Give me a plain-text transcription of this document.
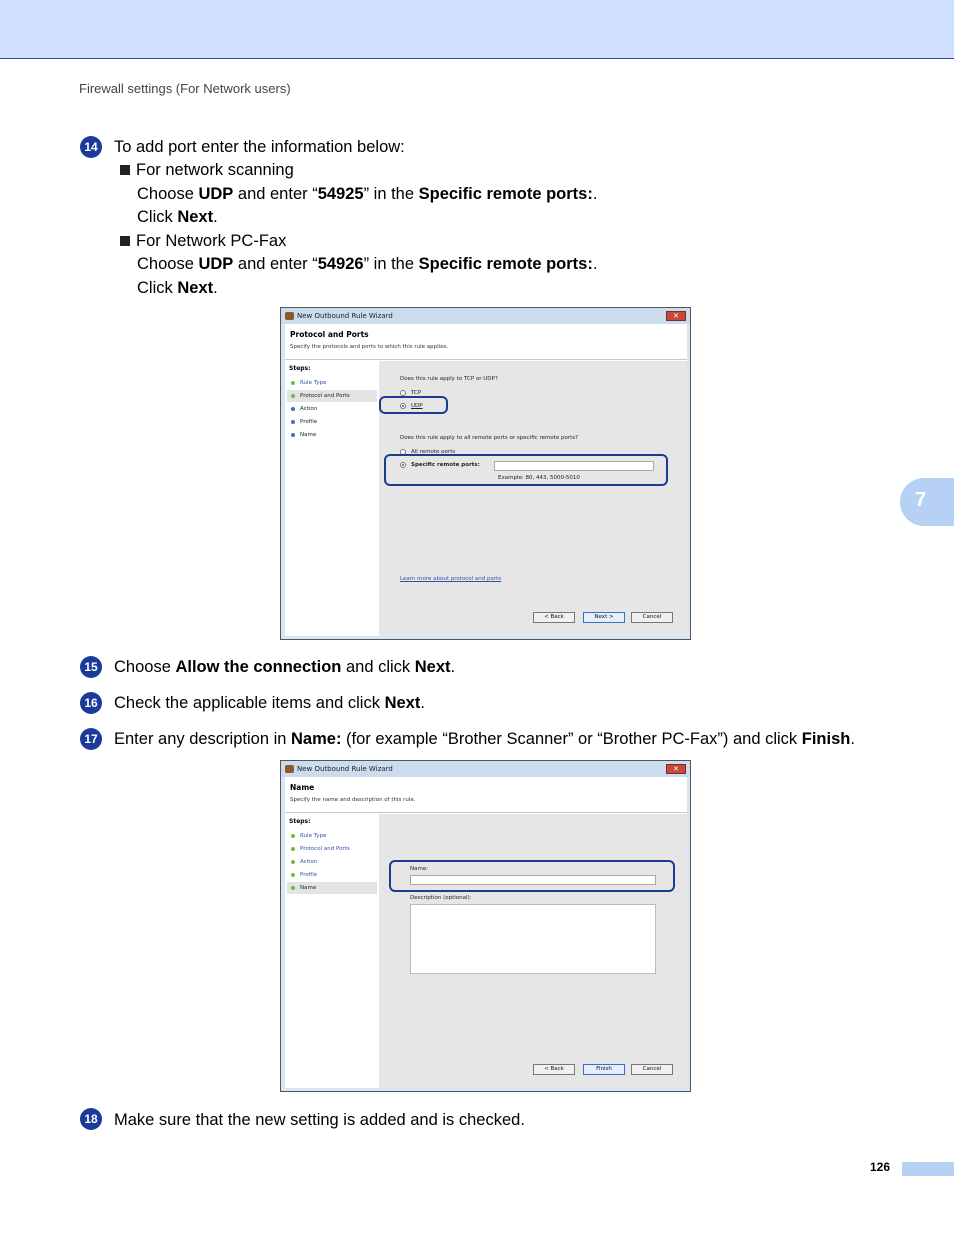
Firewall settings (For Network users)
7
14 To add port enter the information below:
For network scanning
Choose UDP and enter “54925” in the Specific remote ports:.
Click Next.
For Network PC-Fax
Choose UDP and enter “54926” in the Specific remote ports:.
Click Next.
New Outbound Rule Wizard	✕
Protocol and Ports
Specify the protocols and ports to which this rule applies.
Steps:
Rule Type
Protocol and Ports
Action
Profile
Name
Does this rule apply to TCP or UDP?
TCP
UDP
Does this rule apply to all remote ports or specific remote ports?
All remote ports
Specific remote ports:
Example: 80, 443, 5000-5010
Learn more about protocol and ports
< Back	Next >	Cancel
15 Choose Allow the connection and click Next.
16 Check the applicable items and click Next.
17 Enter any description in Name: (for example “Brother Scanner” or “Brother PC-Fax”) and click Finish.
New Outbound Rule Wizard	✕
Name
Specify the name and description of this rule.
Steps:
Rule Type
Protocol and Ports
Action
Profile
Name
Name:
Description (optional):
< Back	Finish	Cancel
18 Make sure that the new setting is added and is checked.
126
